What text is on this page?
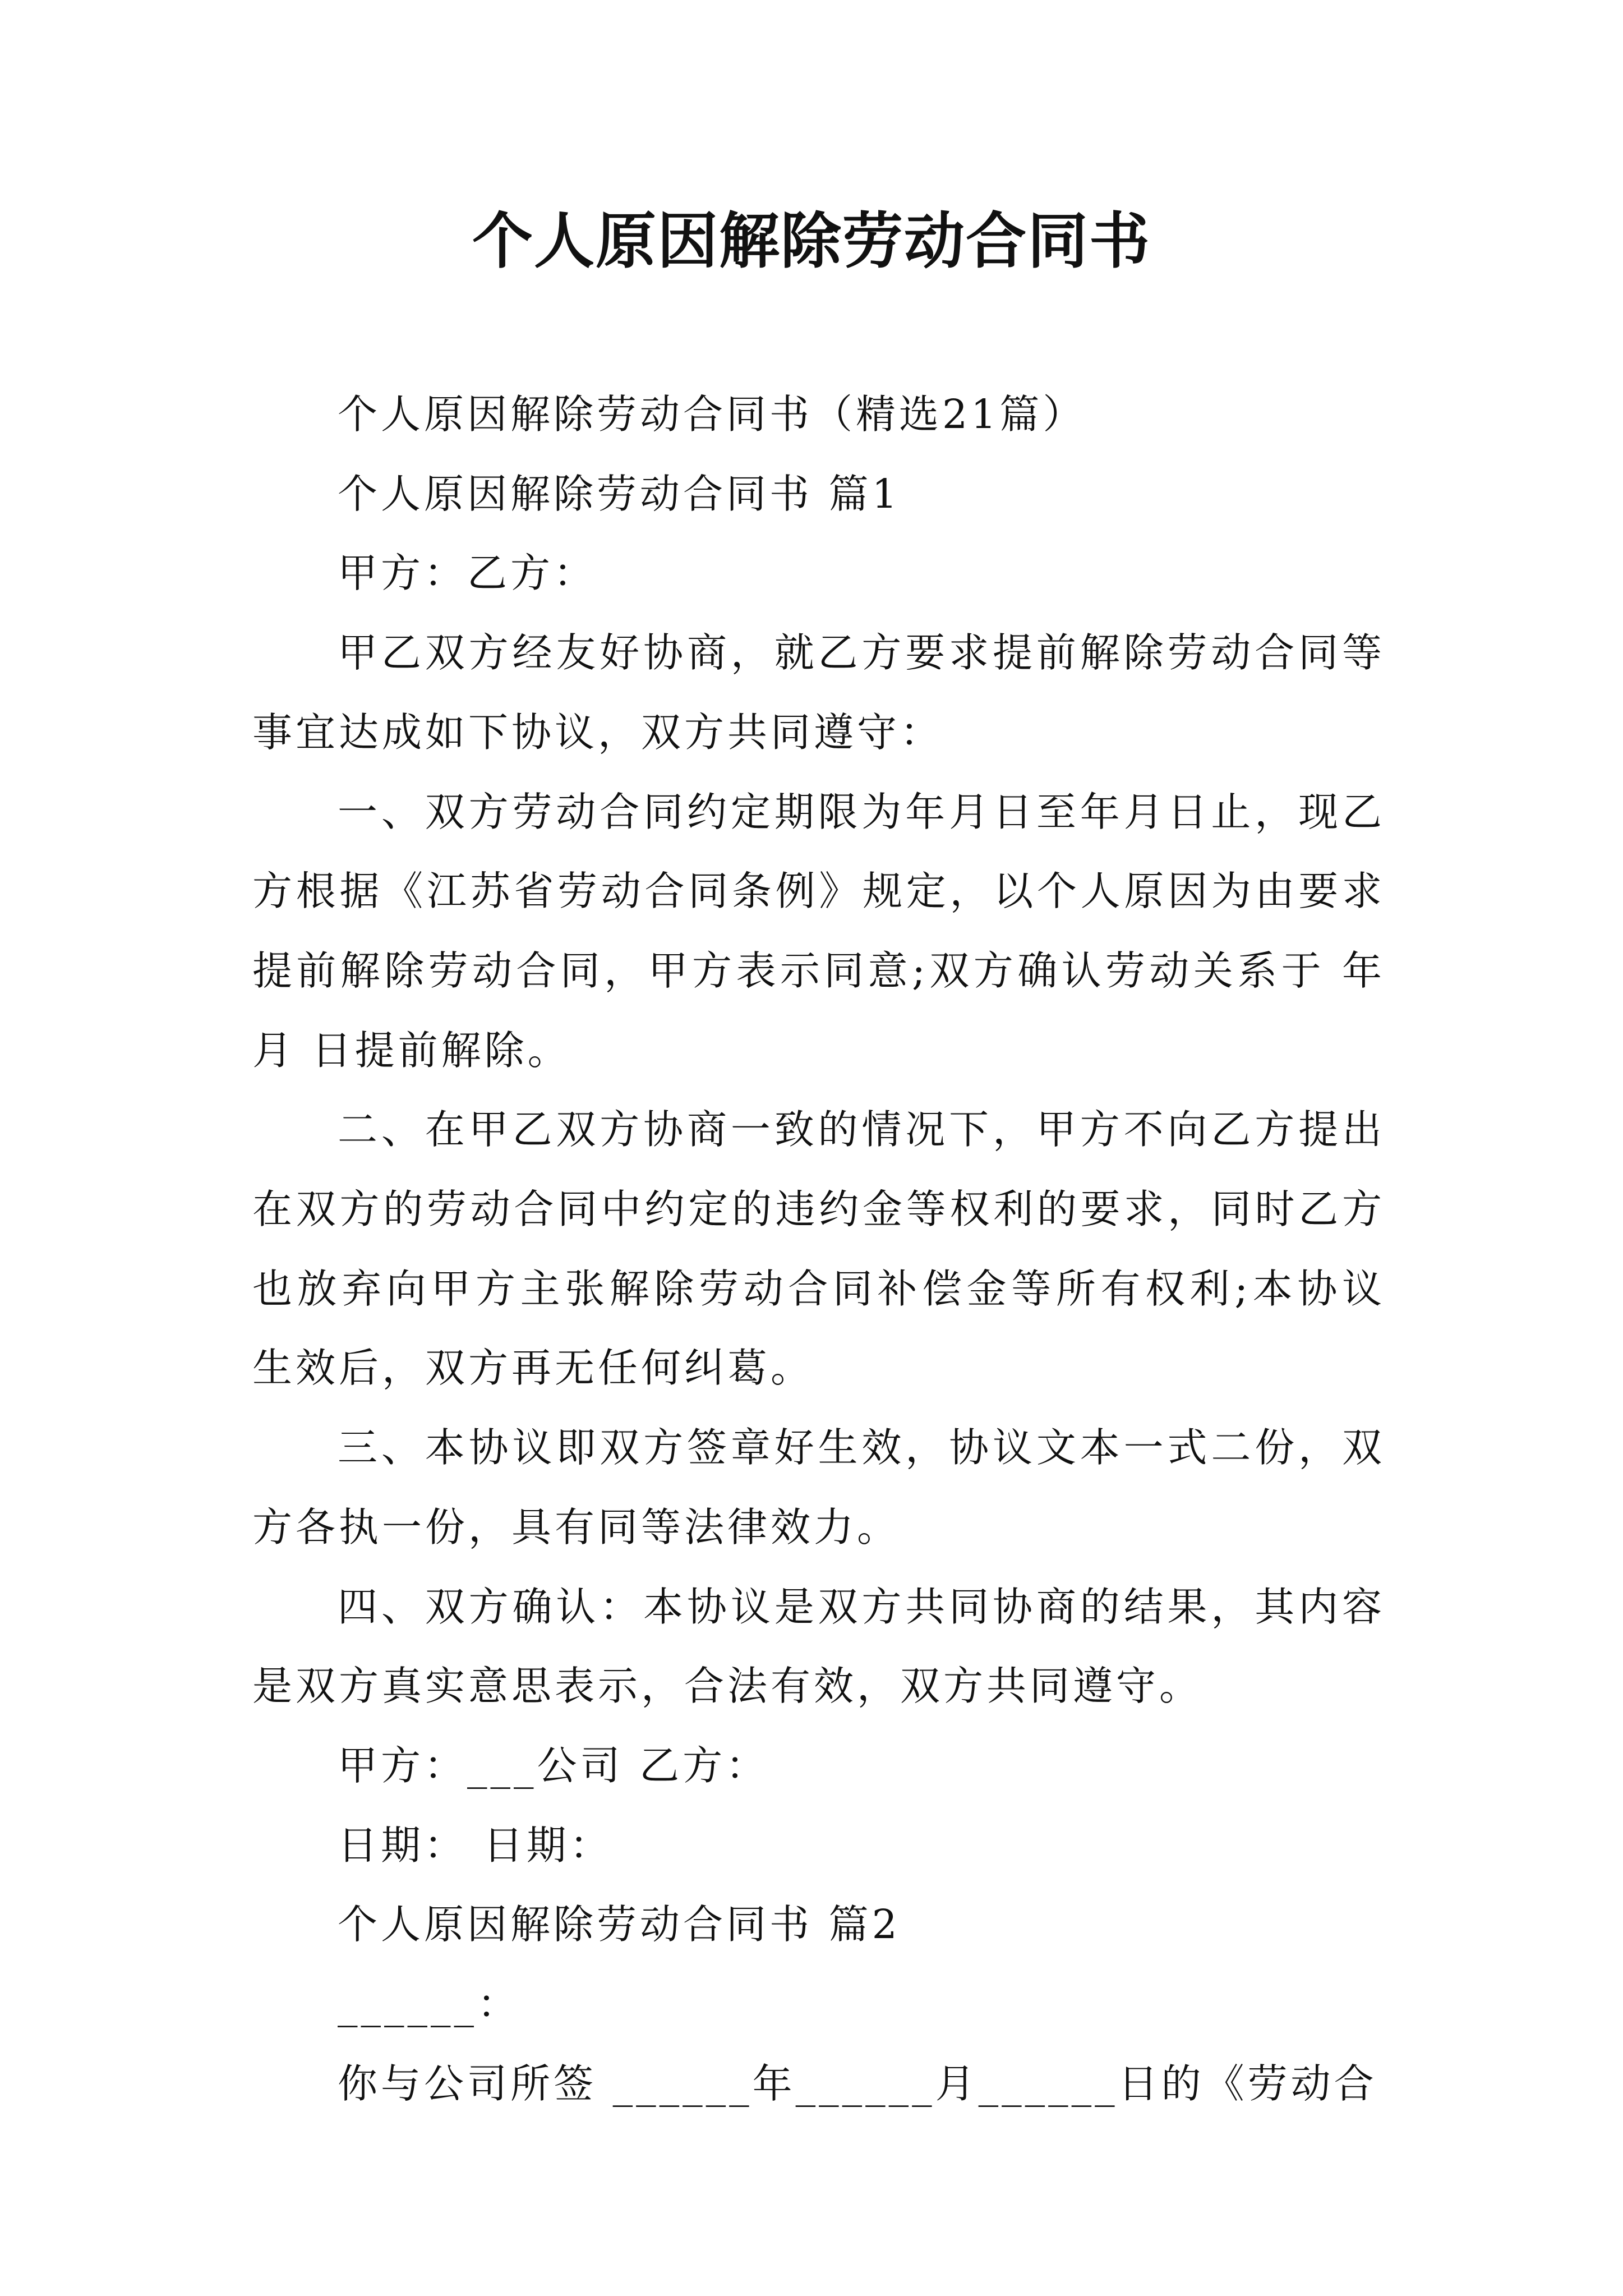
个人原因解除劳动合同书

个人原因解除劳动合同书（精选21篇）

个人原因解除劳动合同书 篇1

甲方：乙方：

甲乙双方经友好协商，就乙方要求提前解除劳动合同等事宜达成如下协议，双方共同遵守：

一、双方劳动合同约定期限为年月日至年月日止，现乙方根据《江苏省劳动合同条例》规定，以个人原因为由要求提前解除劳动合同，甲方表示同意;双方确认劳动关系于 年月 日提前解除。

二、在甲乙双方协商一致的情况下，甲方不向乙方提出在双方的劳动合同中约定的违约金等权利的要求，同时乙方也放弃向甲方主张解除劳动合同补偿金等所有权利;本协议生效后，双方再无任何纠葛。

三、本协议即双方签章好生效，协议文本一式二份，双方各执一份，具有同等法律效力。

四、双方确认：本协议是双方共同协商的结果，其内容是双方真实意思表示，合法有效，双方共同遵守。

甲方：___公司 乙方：

日期： 日期：

个人原因解除劳动合同书 篇2

______：

你与公司所签 ______年______月______日的《劳动合
